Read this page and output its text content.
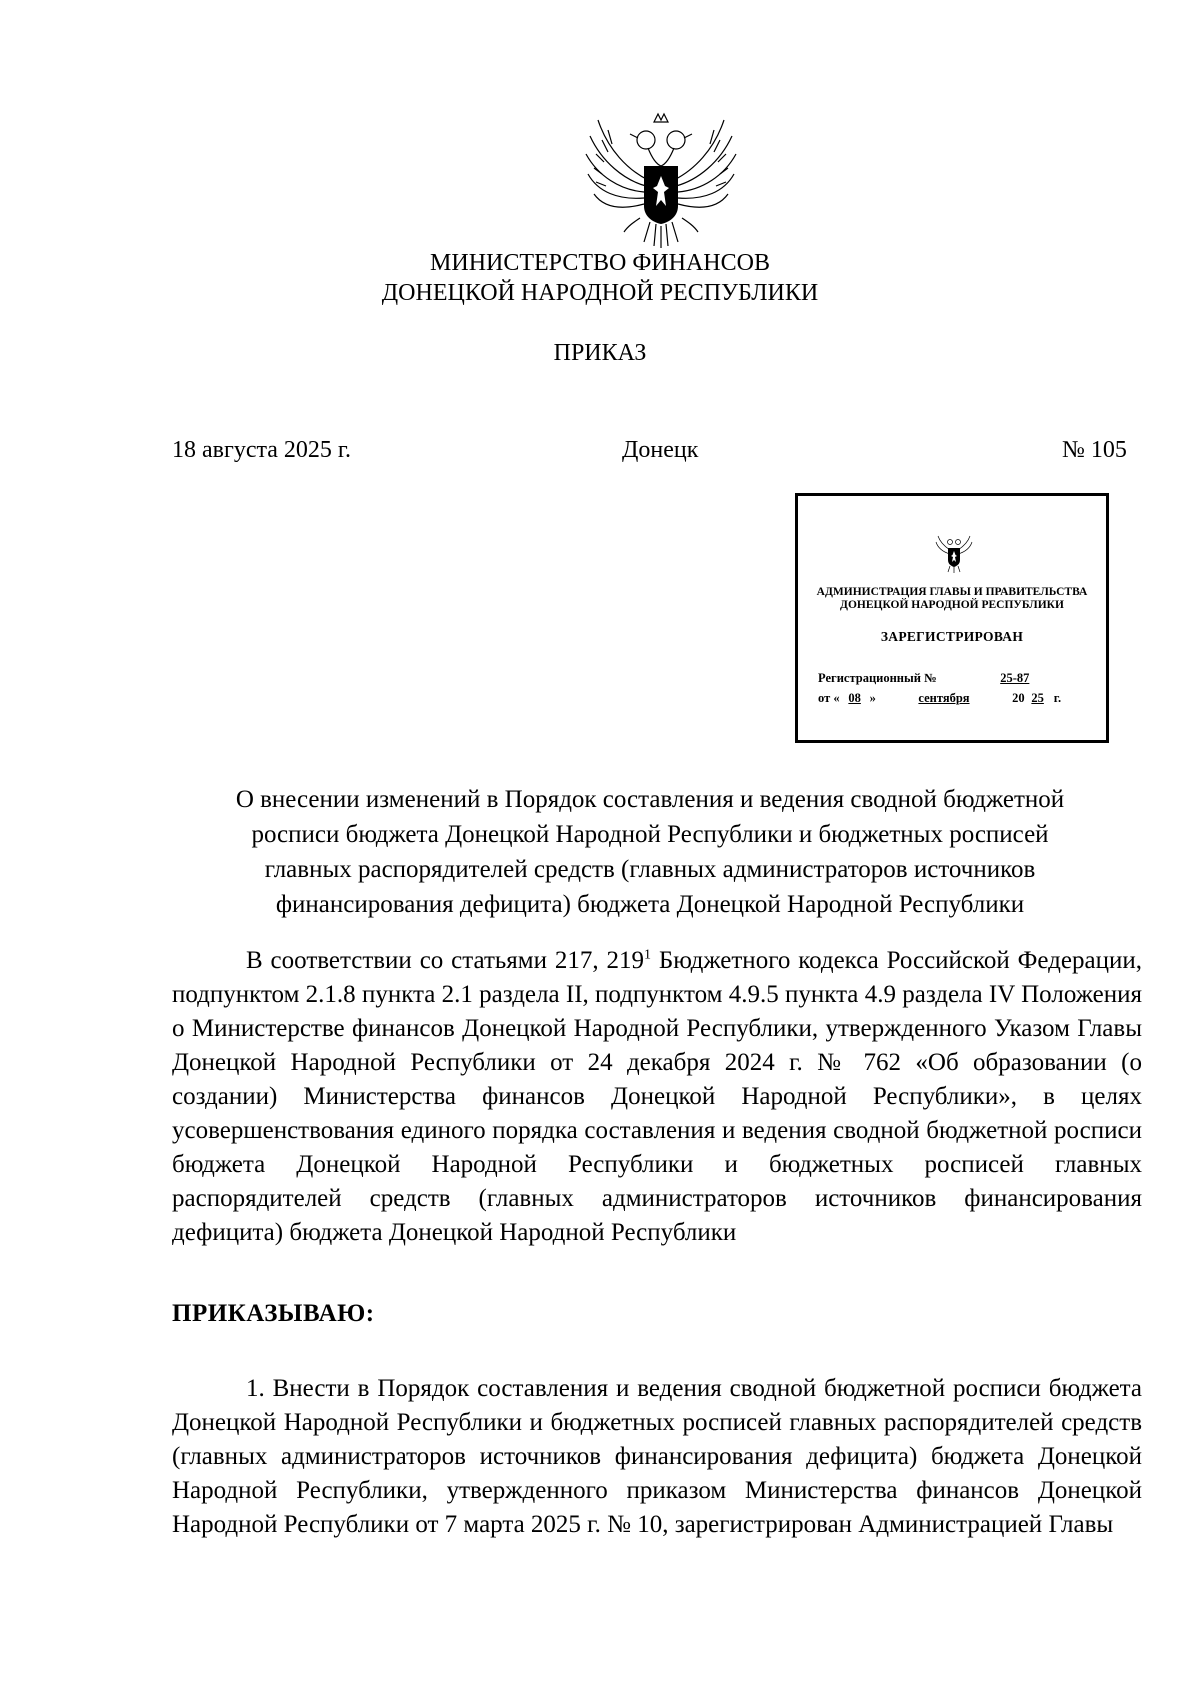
МИНИСТЕРСТВО ФИНАНСОВ
ДОНЕЦКОЙ НАРОДНОЙ РЕСПУБЛИКИ
ПРИКАЗ
18 августа 2025 г.	Донецк	№ 105
АДМИНИСТРАЦИЯ ГЛАВЫ И ПРАВИТЕЛЬСТВА
ДОНЕЦКОЙ НАРОДНОЙ РЕСПУБЛИКИ
ЗАРЕГИСТРИРОВАН
Регистрационный №	25-87
от « 08 »	сентября	20 25 г.
О внесении изменений в Порядок составления и ведения сводной бюджетной
росписи бюджета Донецкой Народной Республики и бюджетных росписей
главных распорядителей средств (главных администраторов источников
финансирования дефицита) бюджета Донецкой Народной Республики
В соответствии со статьями 217, $219^1$ Бюджетного кодекса Российской Федерации, подпунктом 2.1.8 пункта 2.1 раздела II, подпунктом 4.9.5 пункта 4.9 раздела IV Положения о Министерстве финансов Донецкой Народной Республики, утвержденного Указом Главы Донецкой Народной Республики от 24 декабря 2024 г. № 762 «Об образовании (о создании) Министерства финансов Донецкой Народной Республики», в целях усовершенствования единого порядка составления и ведения сводной бюджетной росписи бюджета Донецкой Народной Республики и бюджетных росписей главных распорядителей средств (главных администраторов источников финансирования дефицита) бюджета Донецкой Народной Республики
ПРИКАЗЫВАЮ:
1. Внести в Порядок составления и ведения сводной бюджетной росписи бюджета Донецкой Народной Республики и бюджетных росписей главных распорядителей средств (главных администраторов источников финансирования дефицита) бюджета Донецкой Народной Республики, утвержденного приказом Министерства финансов Донецкой Народной Республики от 7 марта 2025 г. № 10, зарегистрирован Администрацией Главы
